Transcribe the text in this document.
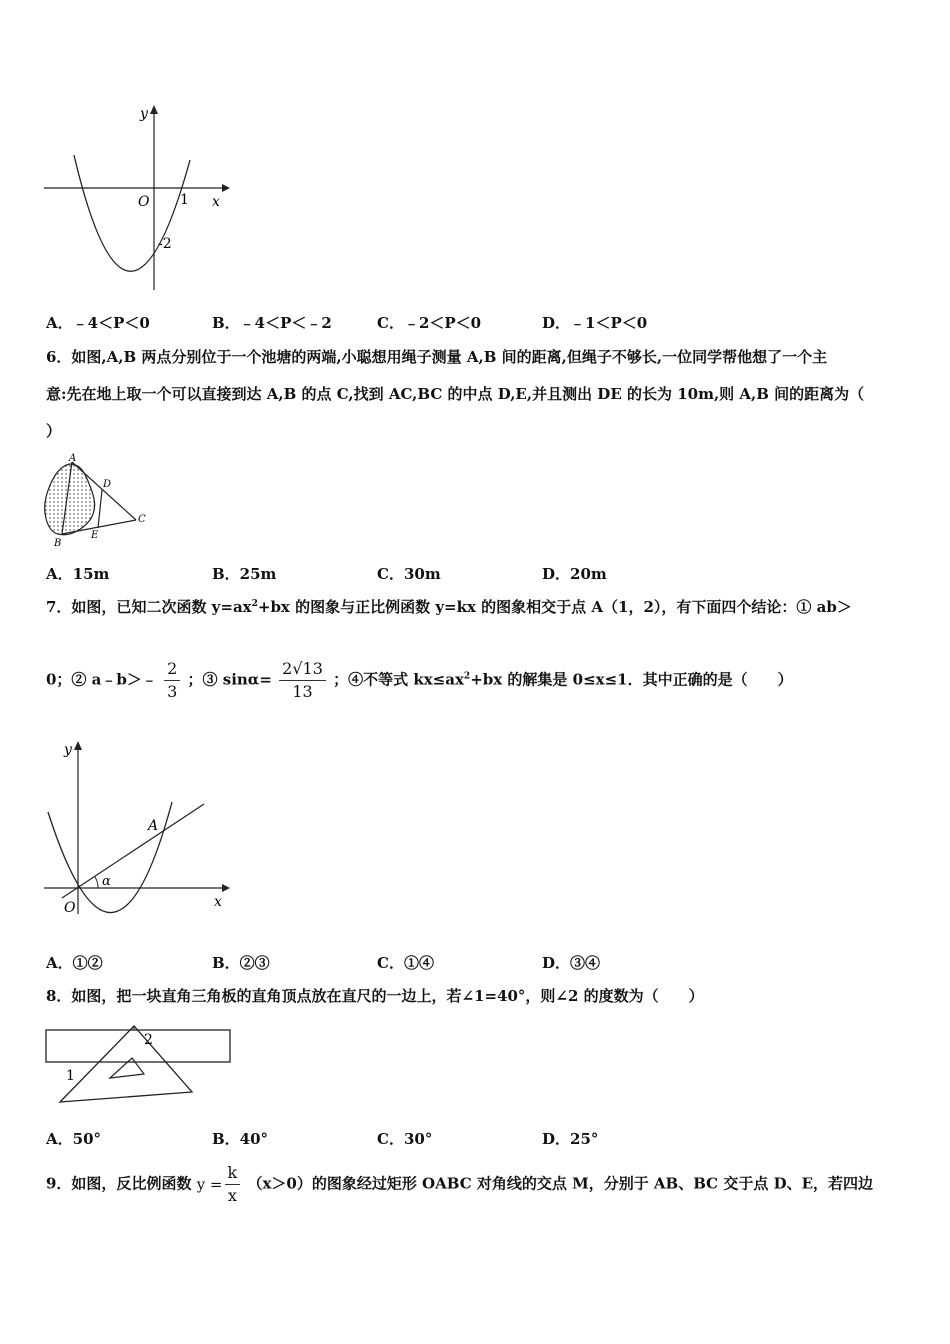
y
x
O 1
-2
A．﹣4＜P＜0	B．﹣4＜P＜﹣2	C．﹣2＜P＜0	D．﹣1＜P＜0
6．如图,A,B 两点分别位于一个池塘的两端,小聪想用绳子测量 A,B 间的距离,但绳子不够长,一位同学帮他想了一个主
意:先在地上取一个可以直接到达 A,B 的点 C,找到 AC,BC 的中点 D,E,并且测出 DE 的长为 10m,则 A,B 间的距离为（
）
A
B
C
D
E
A．15m	B．25m	C．30m	D．20m
7．如图，已知二次函数 $y=ax^2+bx$ 的图象与正比例函数 y=kx 的图象相交于点 A（1，2），有下面四个结论：① ab＞
0；② a﹣b＞﹣ $\frac{2}{3}$ ；③ $\sin\alpha= \frac{2√13}{13}$ ；④不等式 $kx\le ax^2+bx$ 的解集是 0≤x≤1．其中正确的是（　　）
y
x
O
A
α
A．①②	B．②③	C．①④	D．③④
8．如图，把一块直角三角板的直角顶点放在直尺的一边上，若∠1=40°，则∠2 的度数为（　　）
1
2
A．50°	B．40°	C．30°	D．25°
9．如图，反比例函数 $y = \frac{k}{x} (x>0)$的图象经过矩形 OABC 对角线的交点 M，分别于 AB、BC 交于点 D、E，若四边
